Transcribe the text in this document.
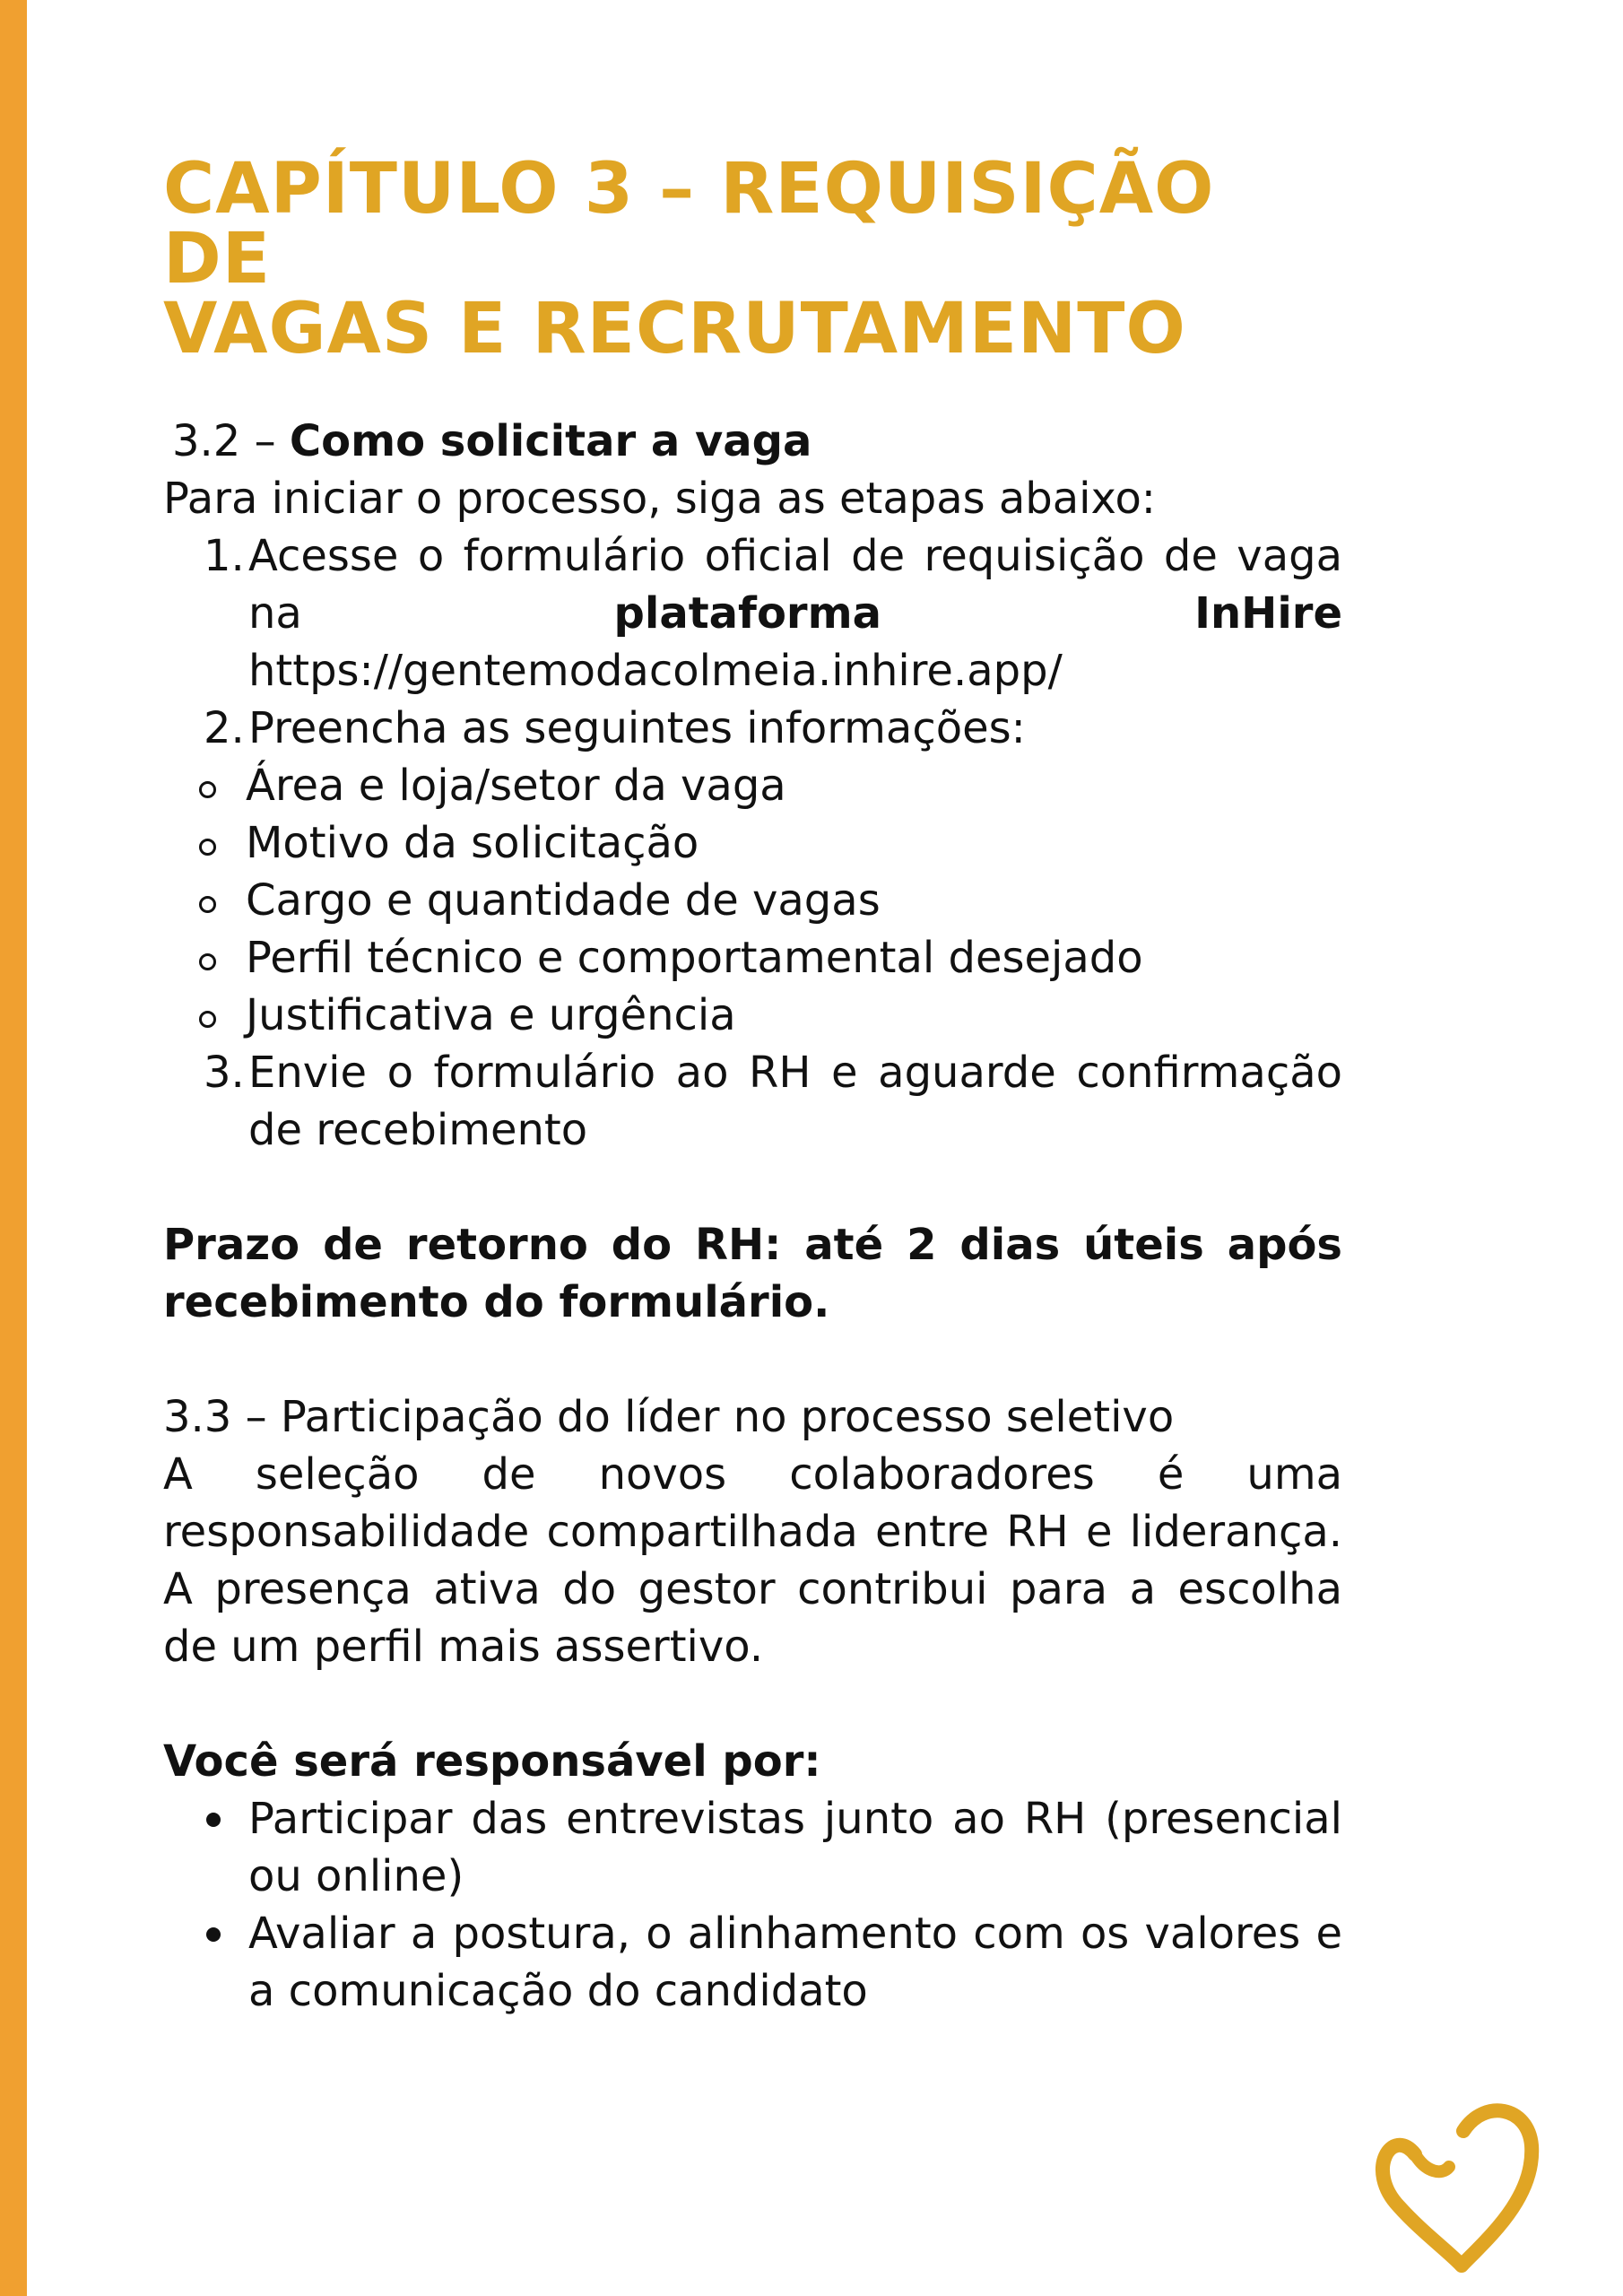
CAPÍTULO 3 – REQUISIÇÃO DE
VAGAS E RECRUTAMENTO
3.2 – Como solicitar a vaga

Para iniciar o processo, siga as etapas abaixo:

1. Acesse o formulário oficial de requisição de vaga na	plataforma InHire https://gentemodacolmeia.inhire.app/
2. Preencha as seguintes informações:
Área e loja/setor da vaga
Motivo da solicitação
Cargo e quantidade de vagas
Perfil técnico e comportamental desejado
Justificativa e urgência
3. Envie o formulário ao RH e aguarde confirmação de recebimento

Prazo de retorno do RH: até 2 dias úteis após recebimento do formulário.

3.3 – Participação do líder no processo seletivo

A seleção de novos colaboradores é uma responsabilidade compartilhada entre RH e liderança. A presença ativa do gestor contribui para a escolha de um perfil mais assertivo.

Você será responsável por:

Participar das entrevistas junto ao RH (presencial ou online)
Avaliar a postura, o alinhamento com os valores e a comunicação do candidato
